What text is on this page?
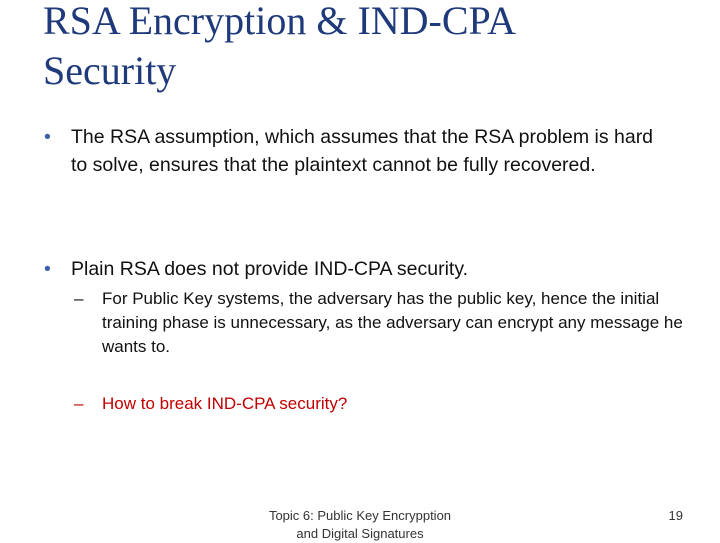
RSA Encryption & IND-CPA
Security
• The RSA assumption, which assumes that the RSA problem is hard to solve, ensures that the plaintext cannot be fully recovered.
• Plain RSA does not provide IND-CPA security.
– For Public Key systems, the adversary has the public key, hence the initial training phase is unnecessary, as the adversary can encrypt any message he wants to.
– How to break IND-CPA security?
Topic 6: Public Key Encrypption
and Digital Signatures
19
